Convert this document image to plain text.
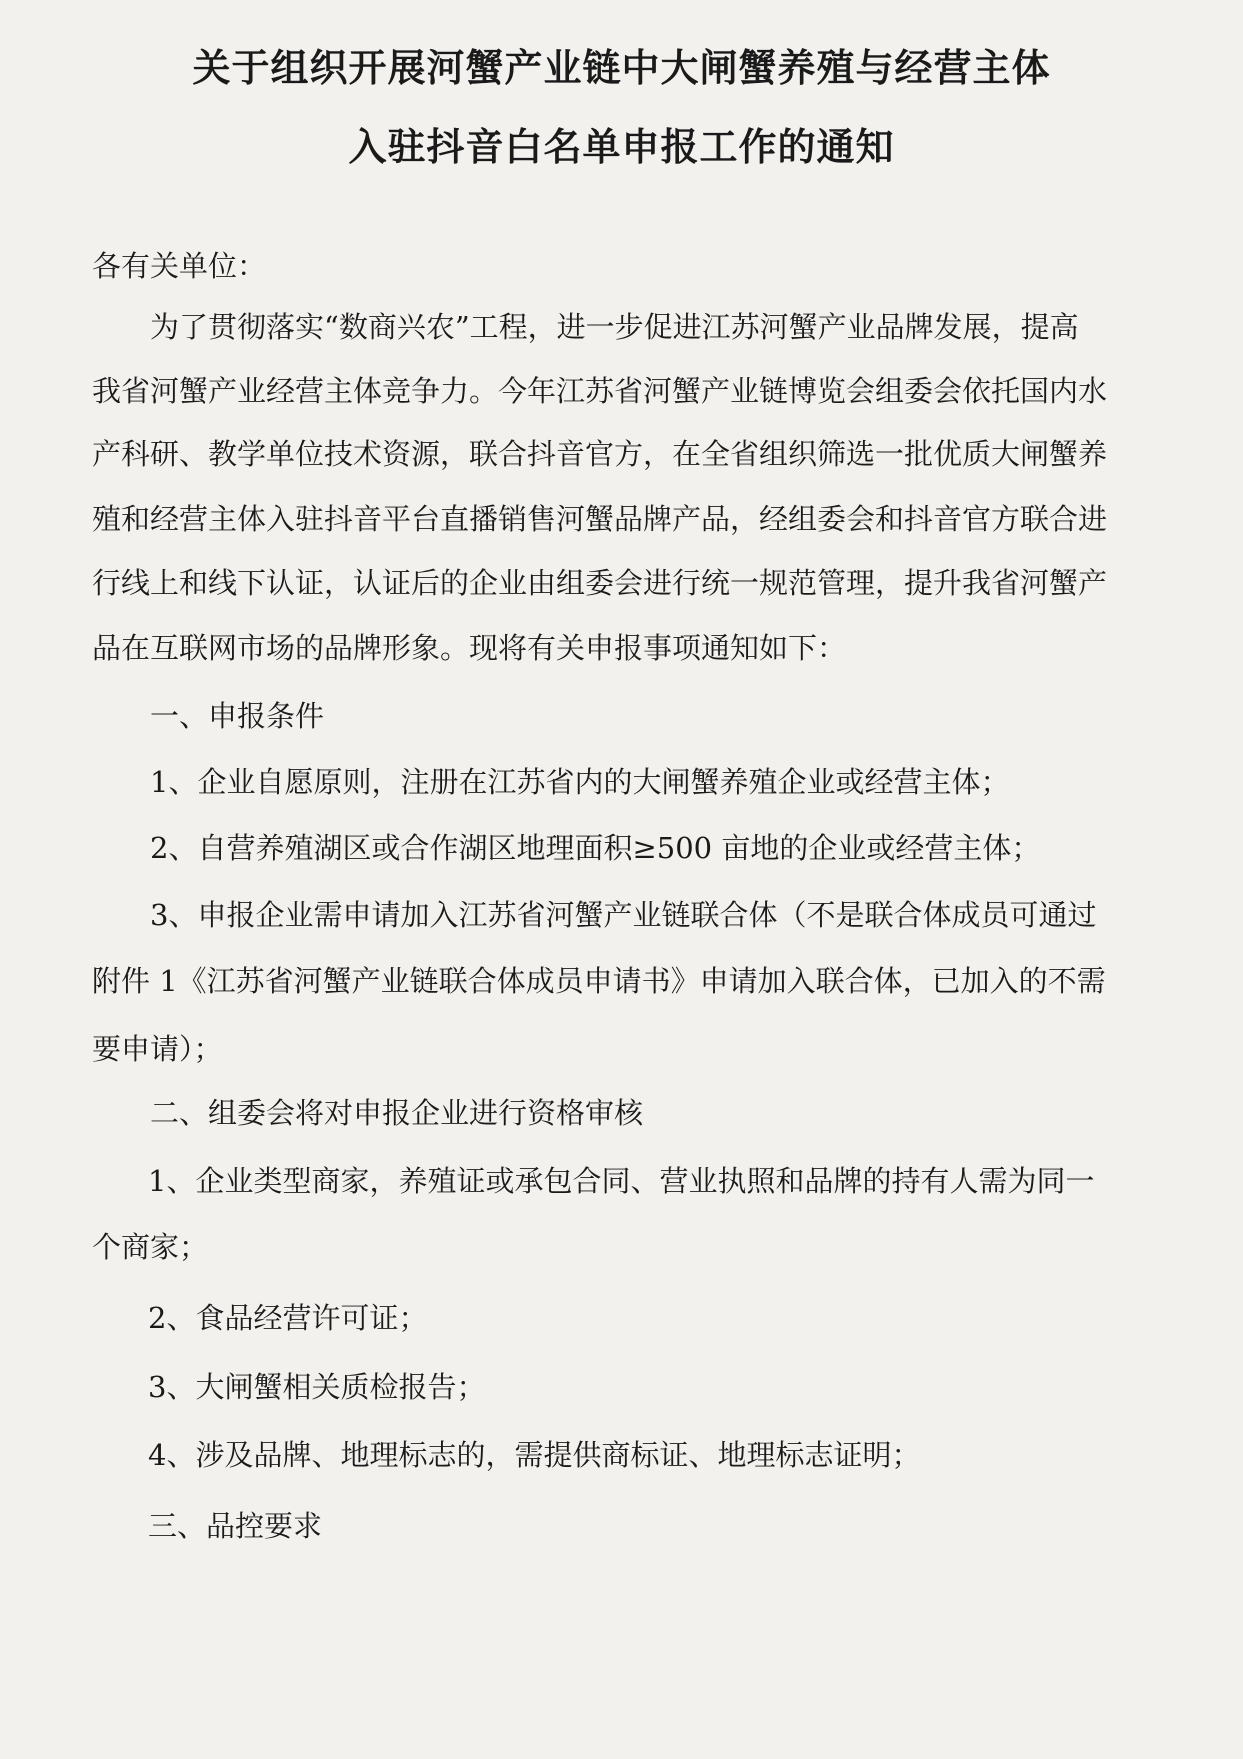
关于组织开展河蟹产业链中大闸蟹养殖与经营主体
入驻抖音白名单申报工作的通知
各有关单位：
为了贯彻落实“数商兴农”工程，进一步促进江苏河蟹产业品牌发展，提高
我省河蟹产业经营主体竞争力。今年江苏省河蟹产业链博览会组委会依托国内水
产科研、教学单位技术资源，联合抖音官方，在全省组织筛选一批优质大闸蟹养
殖和经营主体入驻抖音平台直播销售河蟹品牌产品，经组委会和抖音官方联合进
行线上和线下认证，认证后的企业由组委会进行统一规范管理，提升我省河蟹产
品在互联网市场的品牌形象。现将有关申报事项通知如下：
一、申报条件
1、企业自愿原则，注册在江苏省内的大闸蟹养殖企业或经营主体；
2、自营养殖湖区或合作湖区地理面积≥500 亩地的企业或经营主体；
3、申报企业需申请加入江苏省河蟹产业链联合体（不是联合体成员可通过
附件 1《江苏省河蟹产业链联合体成员申请书》申请加入联合体，已加入的不需
要申请）；
二、组委会将对申报企业进行资格审核
1、企业类型商家，养殖证或承包合同、营业执照和品牌的持有人需为同一
个商家；
2、食品经营许可证；
3、大闸蟹相关质检报告；
4、涉及品牌、地理标志的，需提供商标证、地理标志证明；
三、品控要求
